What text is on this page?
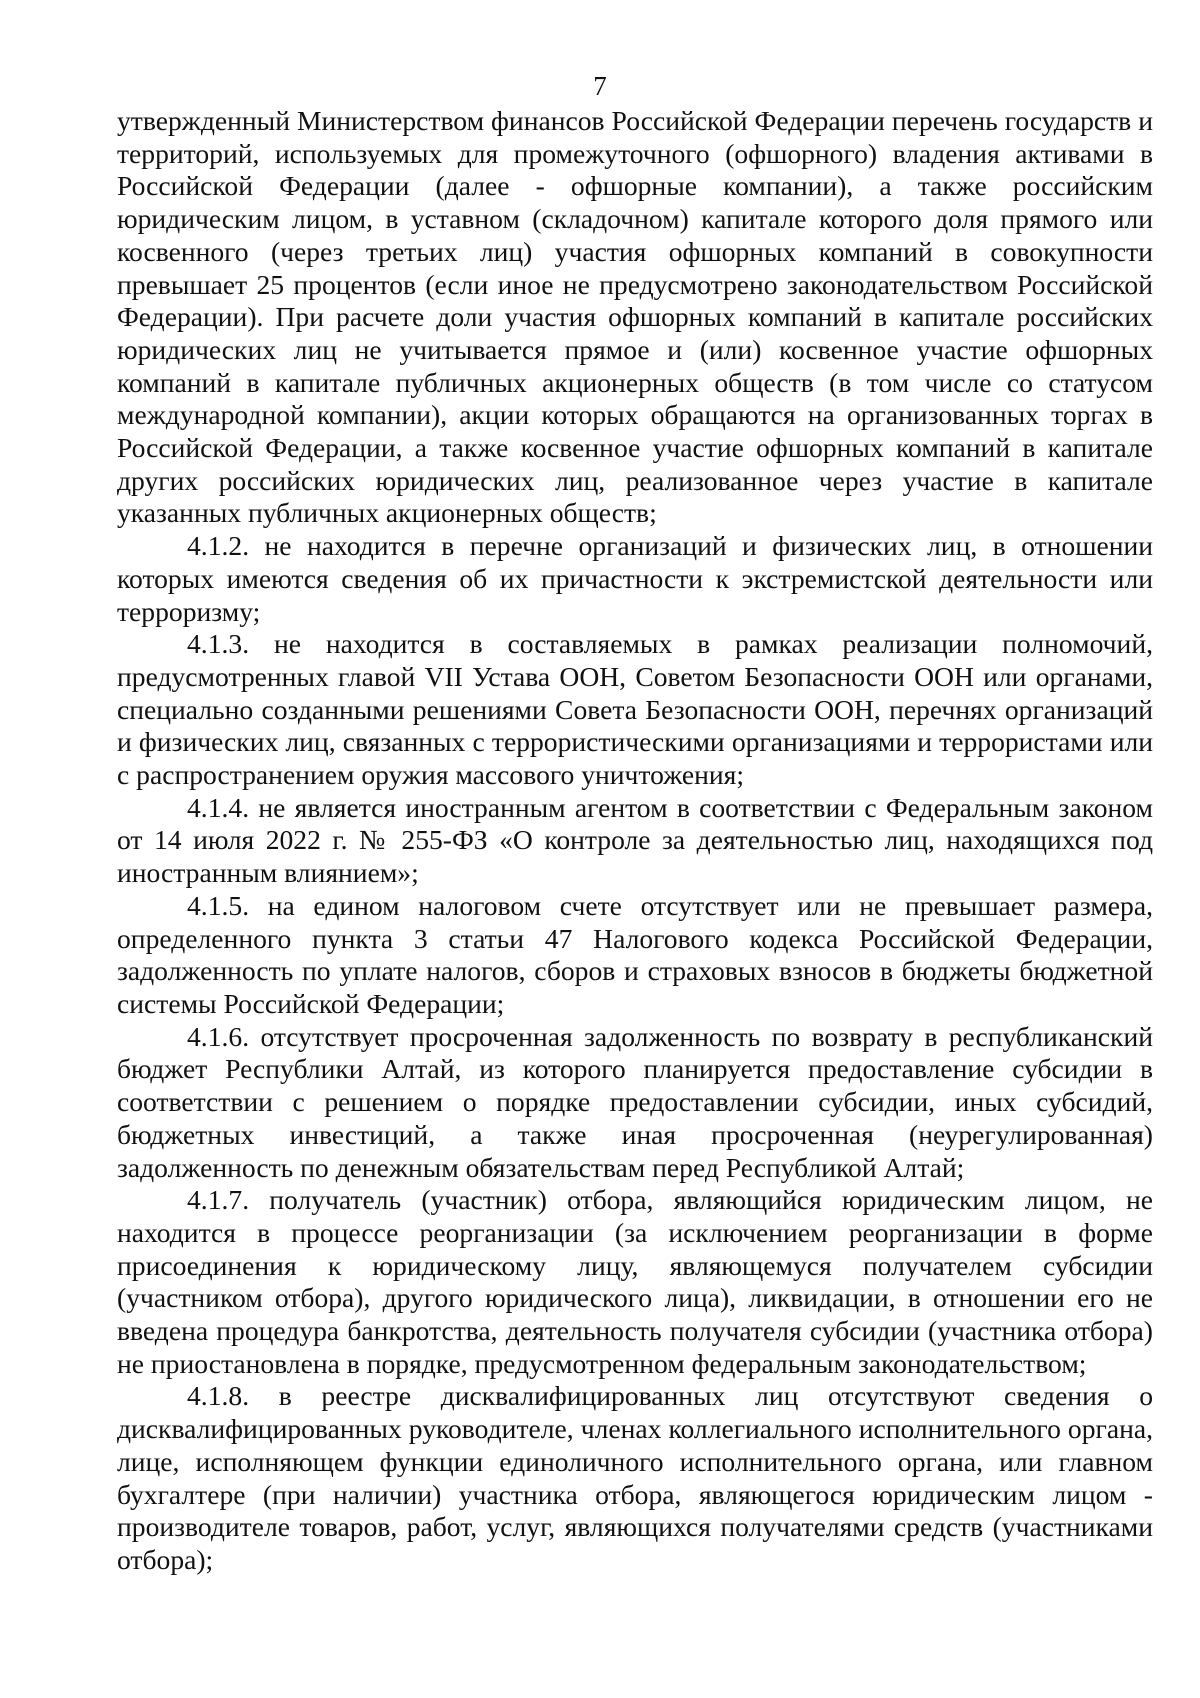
7

утвержденный Министерством финансов Российской Федерации перечень государств и территорий, используемых для промежуточного (офшорного) владения активами в Российской Федерации (далее - офшорные компании), а также российским юридическим лицом, в уставном (складочном) капитале которого доля прямого или косвенного (через третьих лиц) участия офшорных компаний в совокупности превышает 25 процентов (если иное не предусмотрено законодательством Российской Федерации). При расчете доли участия офшорных компаний в капитале российских юридических лиц не учитывается прямое и (или) косвенное участие офшорных компаний в капитале публичных акционерных обществ (в том числе со статусом международной компании), акции которых обращаются на организованных торгах в Российской Федерации, а также косвенное участие офшорных компаний в капитале других российских юридических лиц, реализованное через участие в капитале указанных публичных акционерных обществ;

4.1.2. не находится в перечне организаций и физических лиц, в отношении которых имеются сведения об их причастности к экстремистской деятельности или терроризму;

4.1.3. не находится в составляемых в рамках реализации полномочий, предусмотренных главой VII Устава ООН, Советом Безопасности ООН или органами, специально созданными решениями Совета Безопасности ООН, перечнях организаций и физических лиц, связанных с террористическими организациями и террористами или с распространением оружия массового уничтожения;

4.1.4. не является иностранным агентом в соответствии с Федеральным законом от 14 июля 2022 г. № 255-ФЗ «О контроле за деятельностью лиц, находящихся под иностранным влиянием»;

4.1.5. на едином налоговом счете отсутствует или не превышает размера, определенного пункта 3 статьи 47 Налогового кодекса Российской Федерации, задолженность по уплате налогов, сборов и страховых взносов в бюджеты бюджетной системы Российской Федерации;

4.1.6. отсутствует просроченная задолженность по возврату в республиканский бюджет Республики Алтай, из которого планируется предоставление субсидии в соответствии с решением о порядке предоставлении субсидии, иных субсидий, бюджетных инвестиций, а также иная просроченная (неурегулированная) задолженность по денежным обязательствам перед Республикой Алтай;

4.1.7. получатель (участник) отбора, являющийся юридическим лицом, не находится в процессе реорганизации (за исключением реорганизации в форме присоединения к юридическому лицу, являющемуся получателем субсидии (участником отбора), другого юридического лица), ликвидации, в отношении его не введена процедура банкротства, деятельность получателя субсидии (участника отбора) не приостановлена в порядке, предусмотренном федеральным законодательством;

4.1.8. в реестре дисквалифицированных лиц отсутствуют сведения о дисквалифицированных руководителе, членах коллегиального исполнительного органа, лице, исполняющем функции единоличного исполнительного органа, или главном бухгалтере (при наличии) участника отбора, являющегося юридическим лицом - производителе товаров, работ, услуг, являющихся получателями средств (участниками отбора);
